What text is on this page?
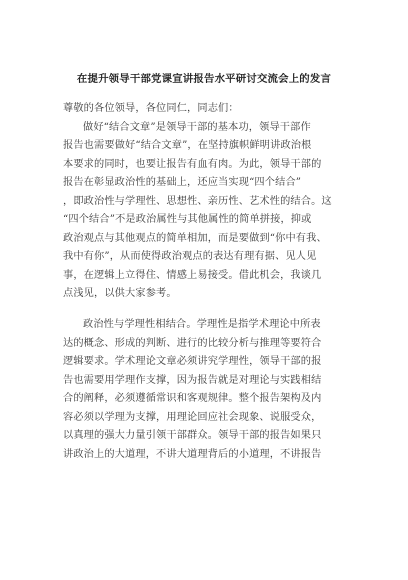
在提升领导干部党课宣讲报告水平研讨交流会上的发言
尊敬的各位领导，各位同仁，同志们：
做好“结合文章”是领导干部的基本功，领导干部作
报告也需要做好“结合文章”，在坚持旗帜鲜明讲政治根
本要求的同时，也要让报告有血有肉。为此，领导干部的
报告在彰显政治性的基础上，还应当实现“四个结合”
，即政治性与学理性、思想性、亲历性、艺术性的结合。这
“四个结合”不是政治属性与其他属性的简单拼接，抑或
政治观点与其他观点的简单相加，而是要做到“你中有我、
我中有你”，从而使得政治观点的表达有理有据、见人见
事，在逻辑上立得住、情感上易接受。借此机会，我谈几
点浅见，以供大家参考。
政治性与学理性相结合。学理性是指学术理论中所表
达的概念、形成的判断、进行的比较分析与推理等要符合
逻辑要求。学术理论文章必须讲究学理性，领导干部的报
告也需要用学理作支撑，因为报告就是对理论与实践相结
合的阐释，必须遵循常识和客观规律。整个报告架构及内
容必须以学理为支撑，用理论回应社会现象、说服受众，
以真理的强大力量引领干部群众。领导干部的报告如果只
讲政治上的大道理，不讲大道理背后的小道理，不讲报告
